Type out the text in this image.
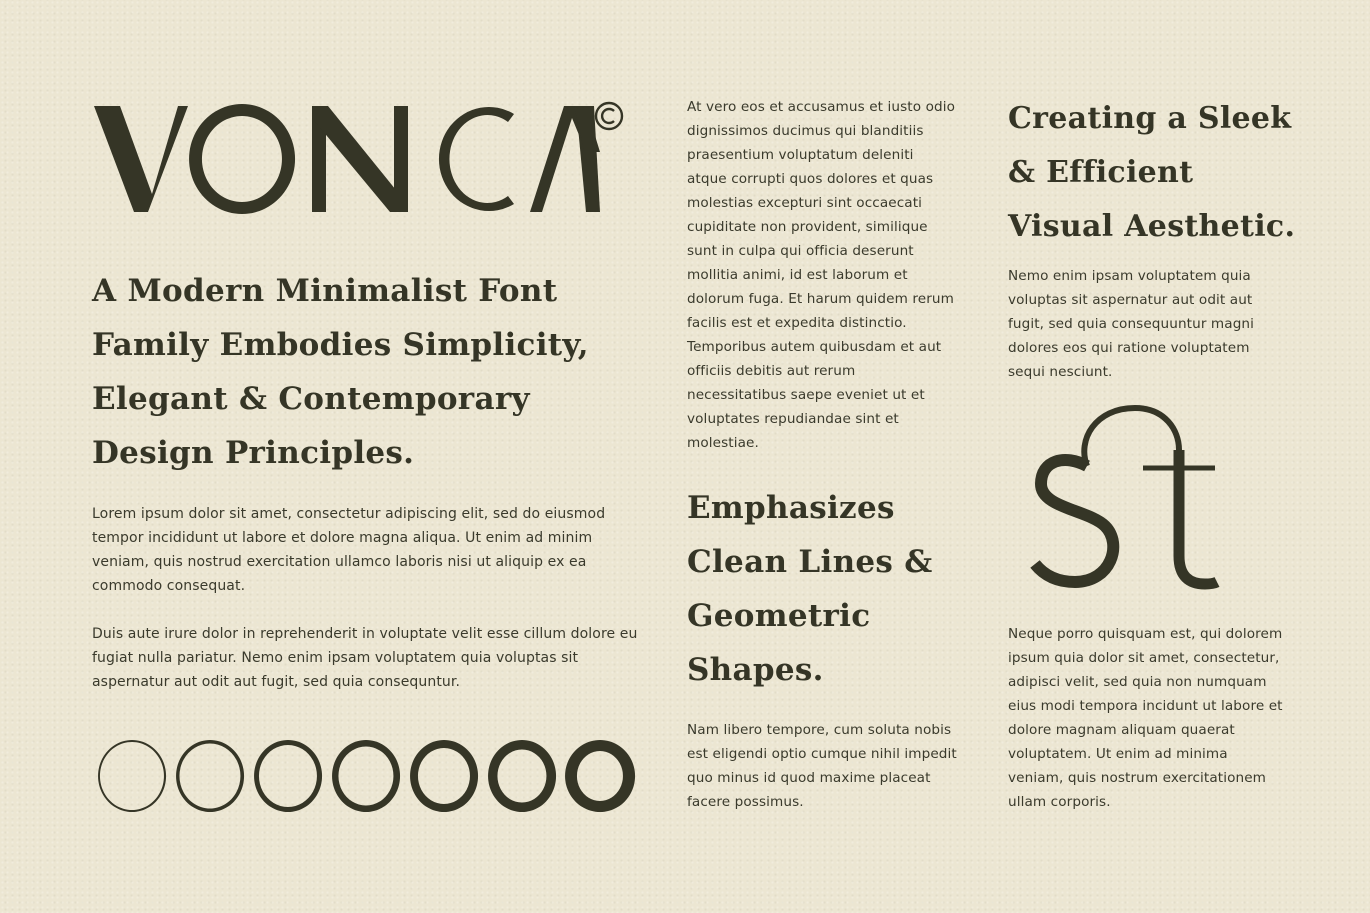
VONCA
A Modern Minimalist Font Family Embodies Simplicity, Elegant & Contemporary Design Principles.

Lorem ipsum dolor sit amet, consectetur adipiscing elit, sed do eiusmod tempor incididunt ut labore et dolore magna aliqua. Ut enim ad minim veniam, quis nostrud exercitation ullamco laboris nisi ut aliquip ex ea commodo consequat.

Duis aute irure dolor in reprehenderit in voluptate velit esse cillum dolore eu fugiat nulla pariatur. Nemo enim ipsam voluptatem quia voluptas sit aspernatur aut odit aut fugit, sed quia consequntur.

At vero eos et accusamus et iusto odio dignissimos ducimus qui blanditiis praesentium voluptatum deleniti atque corrupti quos dolores et quas molestias excepturi sint occaecati cupiditate non provident, similique sunt in culpa qui officia deserunt mollitia animi, id est laborum et dolorum fuga. Et harum quidem rerum facilis est et expedita distinctio. Temporibus autem quibusdam et aut officiis debitis aut rerum necessitatibus saepe eveniet ut et voluptates repudiandae sint et molestiae.

Emphasizes Clean Lines & Geometric Shapes.

Nam libero tempore, cum soluta nobis est eligendi optio cumque nihil impedit quo minus id quod maxime placeat facere possimus.

Creating a Sleek & Efficient Visual Aesthetic.

Nemo enim ipsam voluptatem quia voluptas sit aspernatur aut odit aut fugit, sed quia consequuntur magni dolores eos qui ratione voluptatem sequi nesciunt.

Neque porro quisquam est, qui dolorem ipsum quia dolor sit amet, consectetur, adipisci velit, sed quia non numquam eius modi tempora incidunt ut labore et dolore magnam aliquam quaerat voluptatem. Ut enim ad minima veniam, quis nostrum exercitationem ullam corporis.
